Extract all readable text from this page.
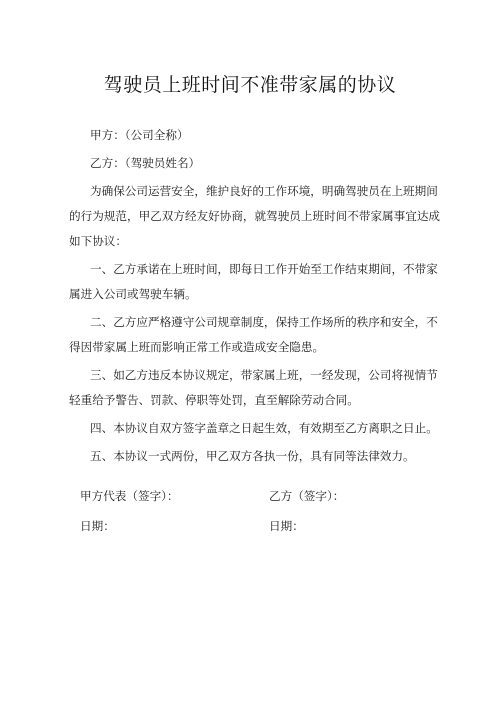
驾驶员上班时间不准带家属的协议
甲方：（公司全称）
乙方：（驾驶员姓名）
为确保公司运营安全，维护良好的工作环境，明确驾驶员在上班期间
的行为规范，甲乙双方经友好协商，就驾驶员上班时间不带家属事宜达成
如下协议：
一、乙方承诺在上班时间，即每日工作开始至工作结束期间，不带家
属进入公司或驾驶车辆。
二、乙方应严格遵守公司规章制度，保持工作场所的秩序和安全，不
得因带家属上班而影响正常工作或造成安全隐患。
三、如乙方违反本协议规定，带家属上班，一经发现，公司将视情节
轻重给予警告、罚款、停职等处罚，直至解除劳动合同。
四、本协议自双方签字盖章之日起生效，有效期至乙方离职之日止。
五、本协议一式两份，甲乙双方各执一份，具有同等法律效力。
甲方代表（签字）：	乙方（签字）：
日期：	日期：
